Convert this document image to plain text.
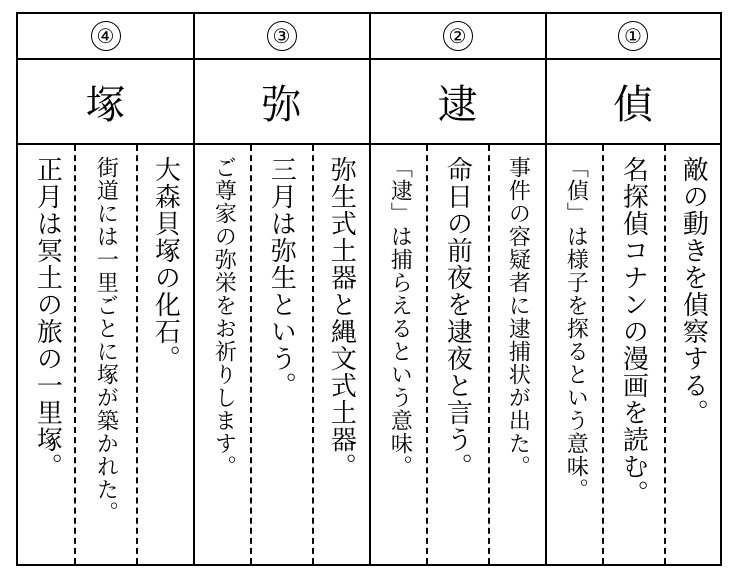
④
塚
大森貝塚の化石。
街道には一里ごとに塚が築かれた。
正月は冥土の旅の一里塚。
③
弥
弥生式土器と縄文式土器。
三月は弥生という。
ご尊家の弥栄をお祈りします。
②
逮
事件の容疑者に逮捕状が出た。
命日の前夜を逮夜と言う。
「逮」は捕らえるという意味。
①
偵
敵の動きを偵察する。
名探偵コナンの漫画を読む。
「偵」は様子を探るという意味。
